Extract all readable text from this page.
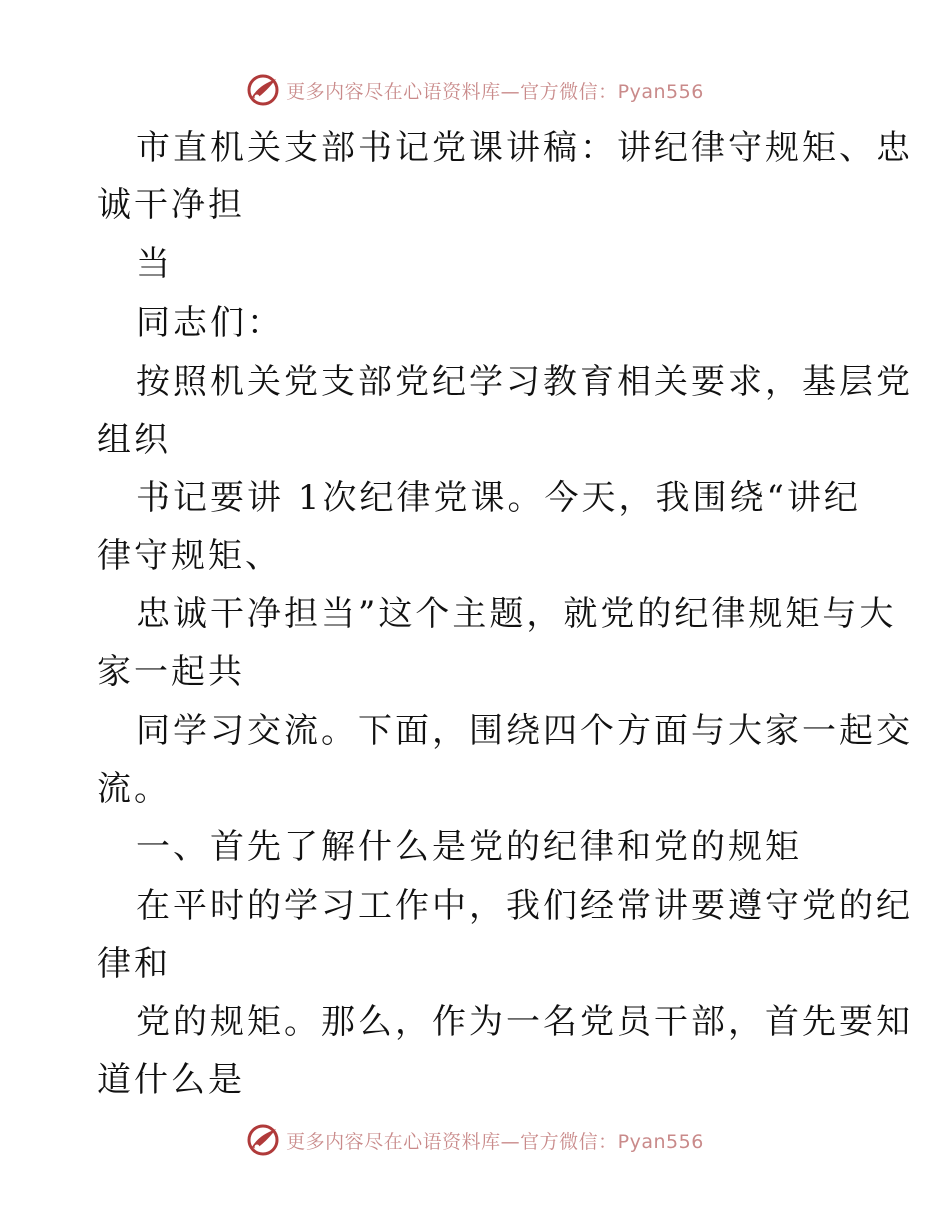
更多内容尽在心语资料库—官方微信：Pyan556
市直机关支部书记党课讲稿：讲纪律守规矩、忠
诚干净担
当
同志们：
按照机关党支部党纪学习教育相关要求，基层党
组织
书记要讲 1次纪律党课。今天，我围绕“讲纪
律守规矩、
忠诚干净担当”这个主题，就党的纪律规矩与大
家一起共
同学习交流。下面，围绕四个方面与大家一起交
流。
一、首先了解什么是党的纪律和党的规矩
在平时的学习工作中，我们经常讲要遵守党的纪
律和
党的规矩。那么，作为一名党员干部，首先要知
道什么是
更多内容尽在心语资料库—官方微信：Pyan556
